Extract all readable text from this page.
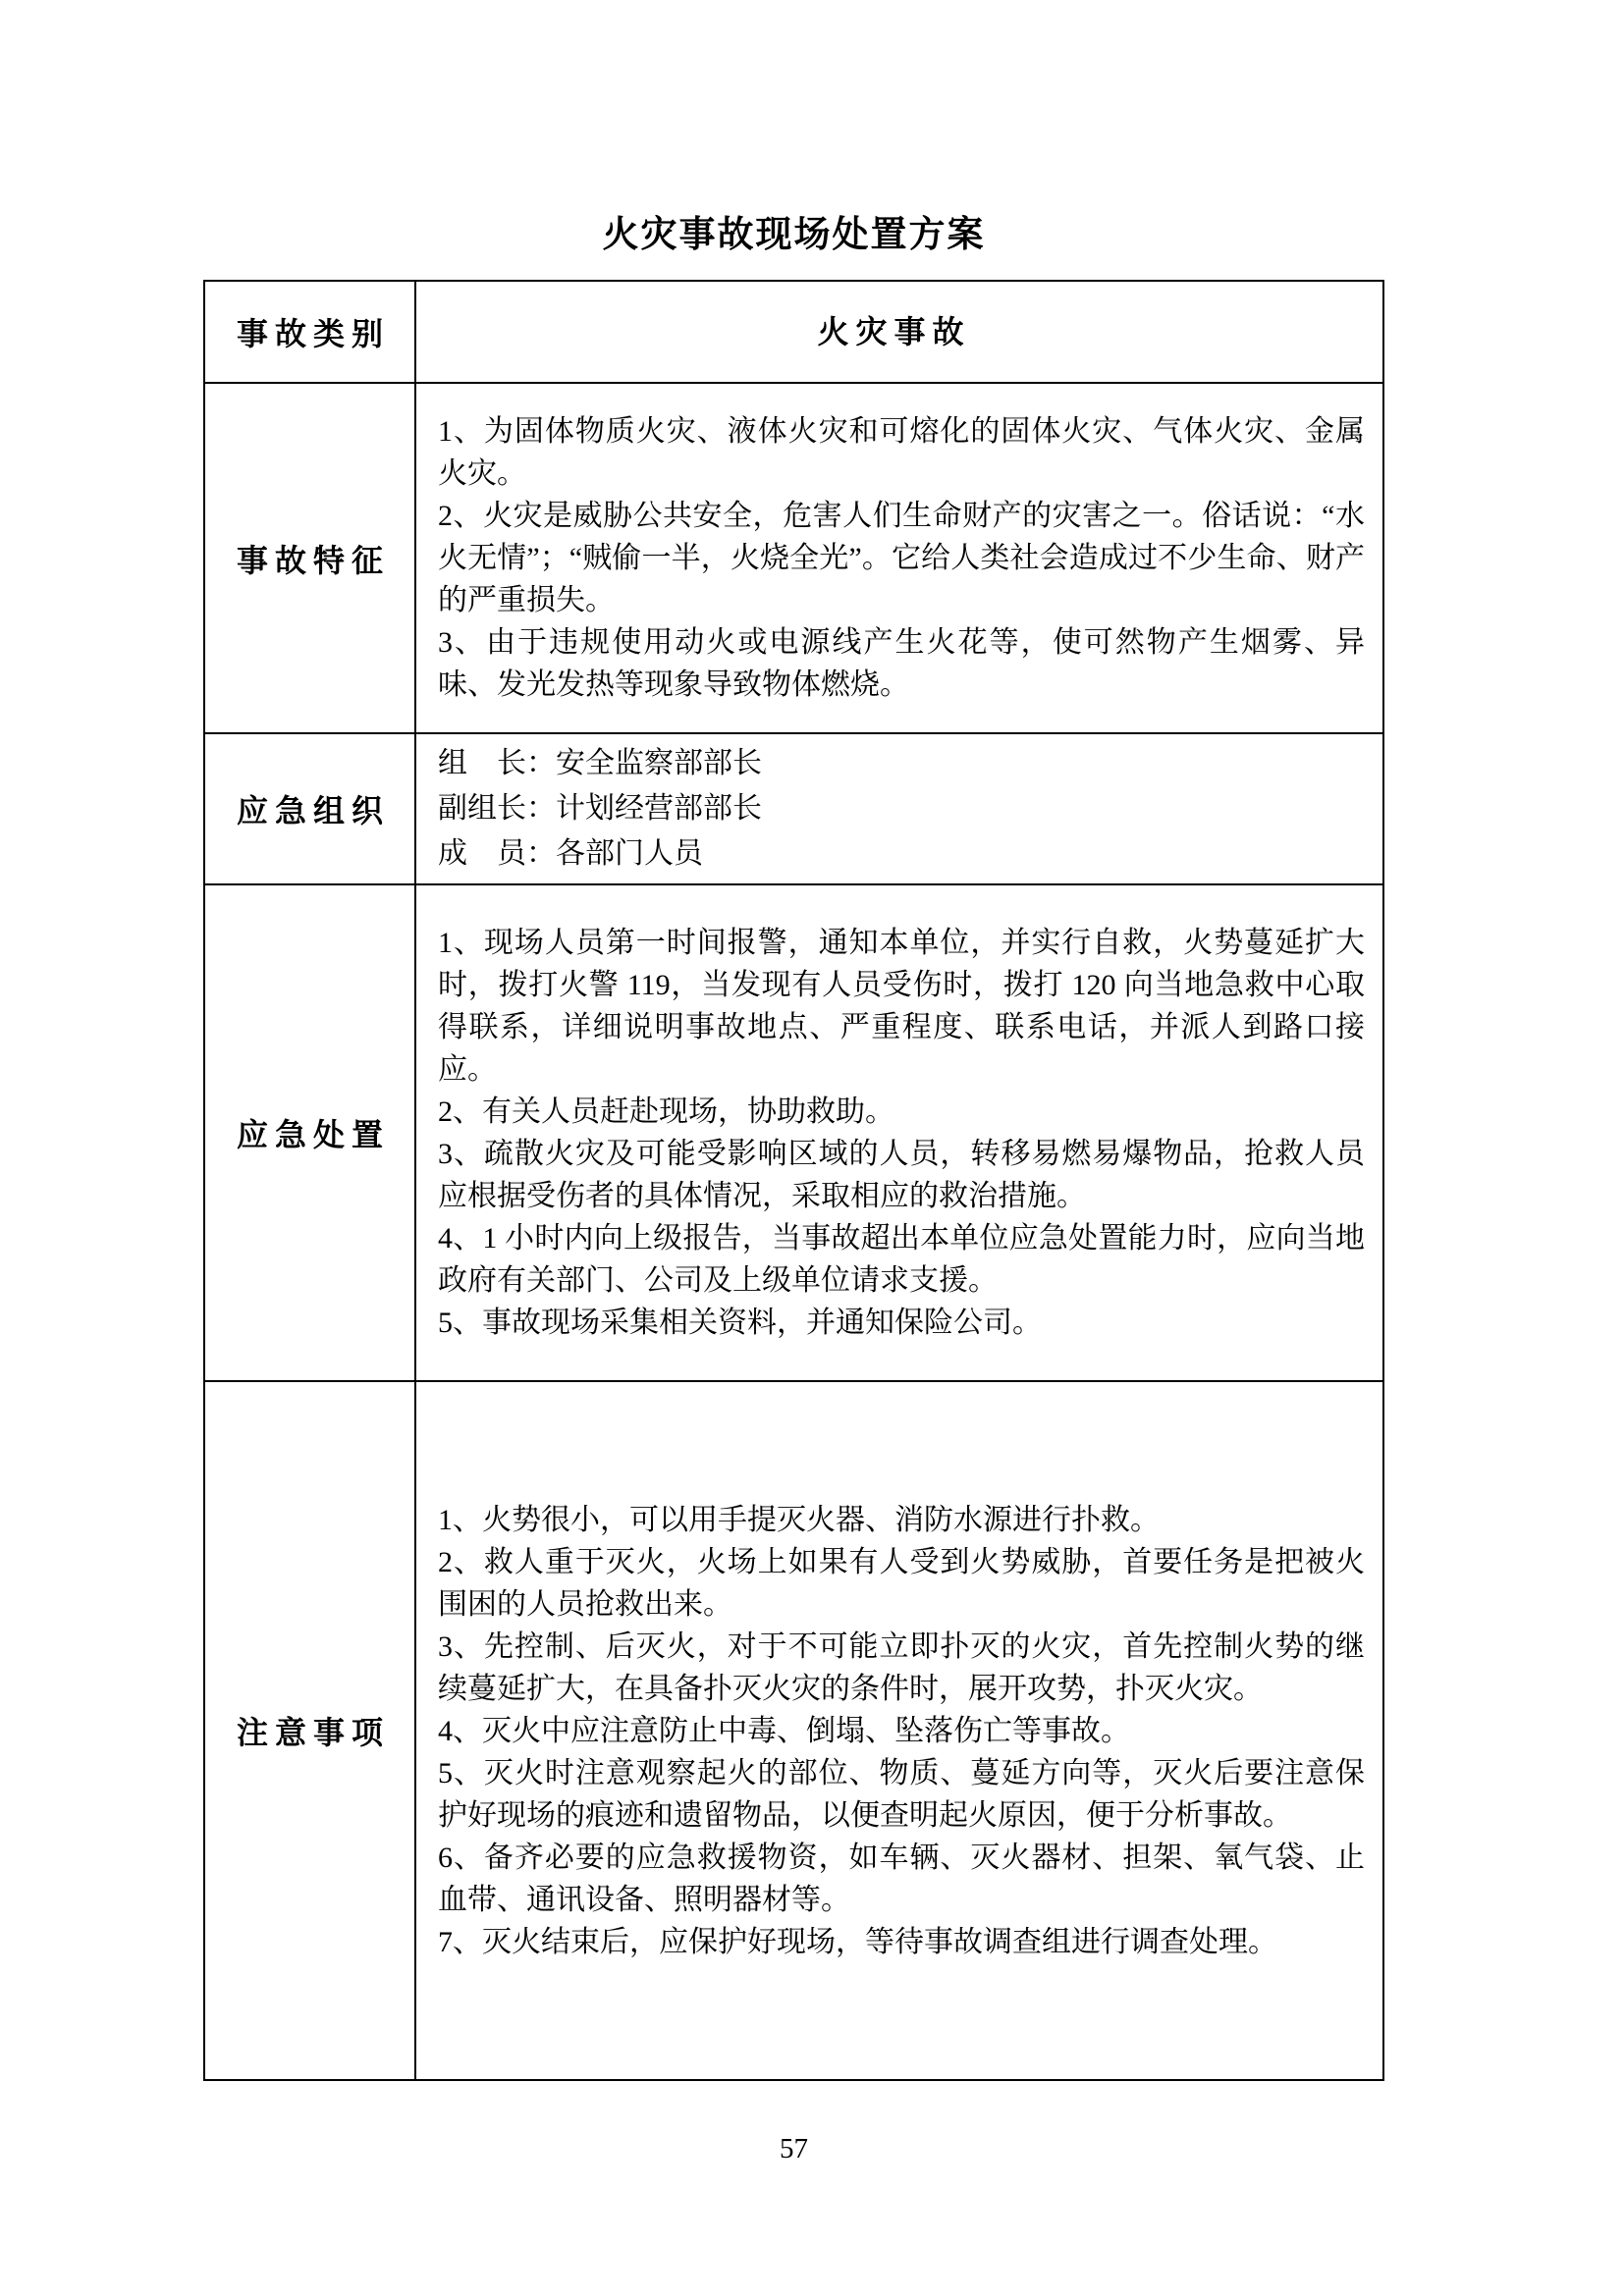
火灾事故现场处置方案
事故类别	火灾事故
事故特征

1、为固体物质火灾、液体火灾和可熔化的固体火灾、气体火灾、金属火灾。

2、火灾是威胁公共安全，危害人们生命财产的灾害之一。俗话说：“水火无情”；“贼偷一半，火烧全光”。它给人类社会造成过不少生命、财产的严重损失。

3、由于违规使用动火或电源线产生火花等，使可然物产生烟雾、异味、发光发热等现象导致物体燃烧。

应急组织

组　长：安全监察部部长

副组长：计划经营部部长

成　员：各部门人员

应急处置

1、现场人员第一时间报警，通知本单位，并实行自救，火势蔓延扩大时，拨打火警 119，当发现有人员受伤时，拨打 120 向当地急救中心取得联系，详细说明事故地点、严重程度、联系电话，并派人到路口接应。

2、有关人员赶赴现场，协助救助。

3、疏散火灾及可能受影响区域的人员，转移易燃易爆物品，抢救人员应根据受伤者的具体情况，采取相应的救治措施。

4、1 小时内向上级报告，当事故超出本单位应急处置能力时，应向当地政府有关部门、公司及上级单位请求支援。

5、事故现场采集相关资料，并通知保险公司。

注意事项

1、火势很小，可以用手提灭火器、消防水源进行扑救。

2、救人重于灭火，火场上如果有人受到火势威胁，首要任务是把被火围困的人员抢救出来。

3、先控制、后灭火，对于不可能立即扑灭的火灾，首先控制火势的继续蔓延扩大，在具备扑灭火灾的条件时，展开攻势，扑灭火灾。

4、灭火中应注意防止中毒、倒塌、坠落伤亡等事故。

5、灭火时注意观察起火的部位、物质、蔓延方向等，灭火后要注意保护好现场的痕迹和遗留物品，以便查明起火原因，便于分析事故。

6、备齐必要的应急救援物资，如车辆、灭火器材、担架、氧气袋、止血带、通讯设备、照明器材等。

7、灭火结束后，应保护好现场，等待事故调查组进行调查处理。

57
